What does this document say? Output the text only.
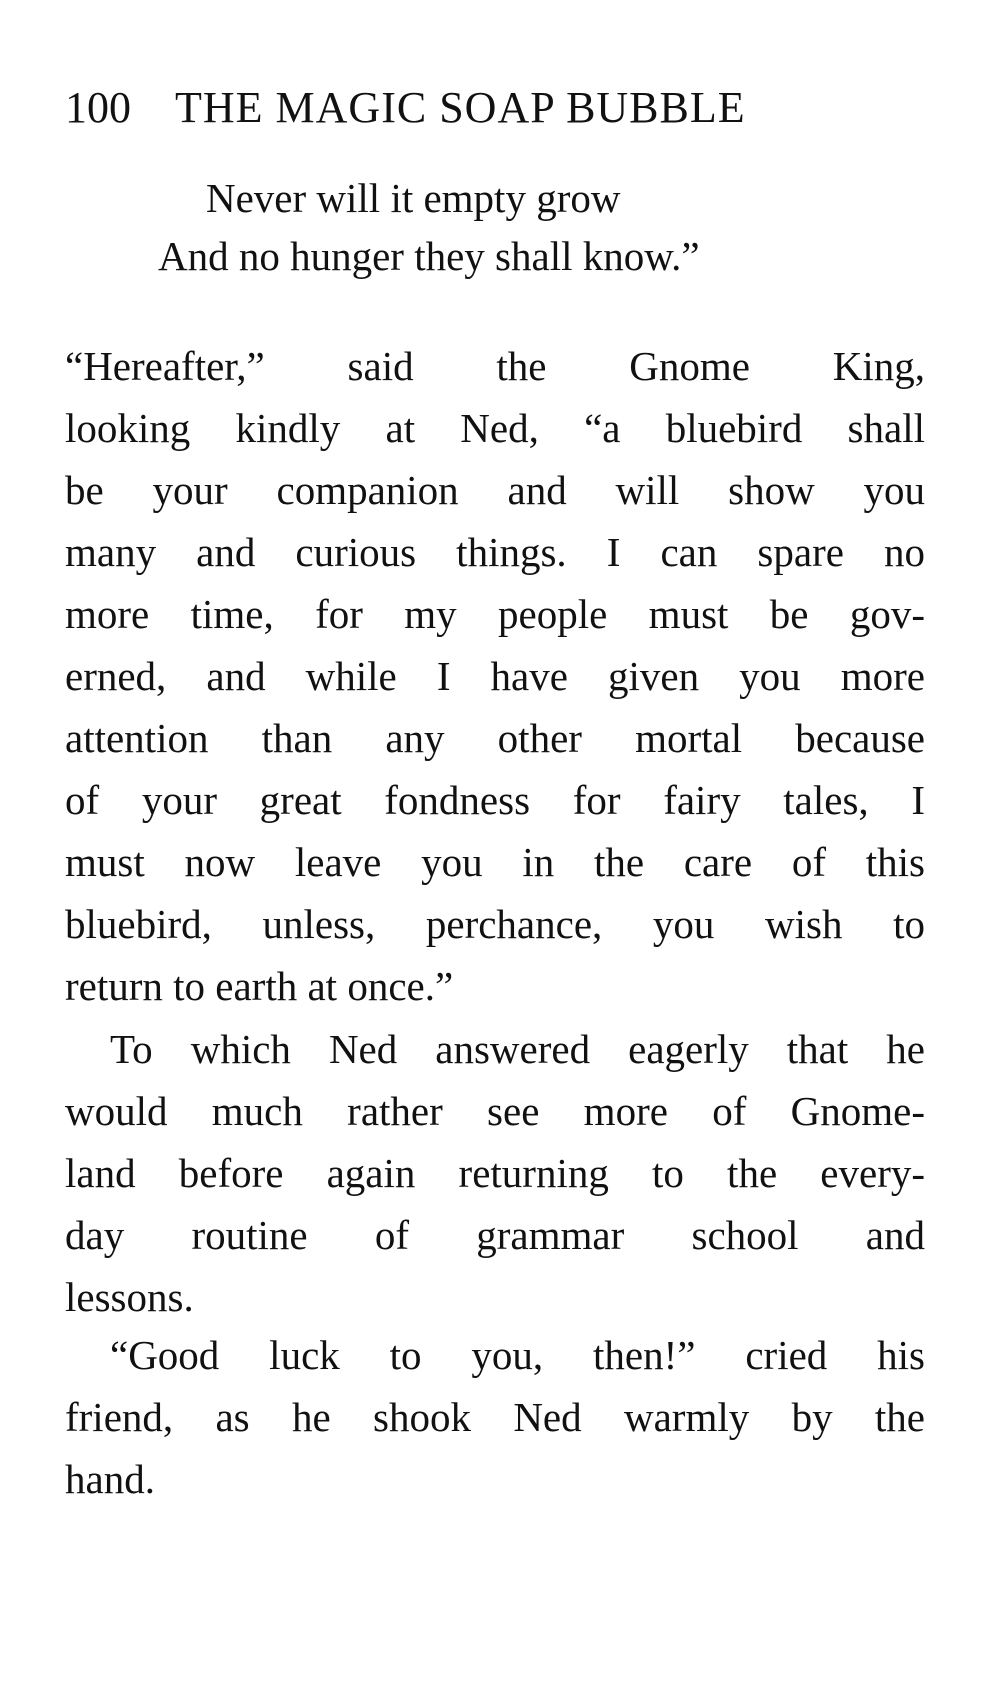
100 THE MAGIC SOAP BUBBLE
Never will it empty grow
And no hunger they shall know.”
“Hereafter,” said the Gnome King,
looking kindly at Ned, “a bluebird shall
be your companion and will show you
many and curious things. I can spare no
more time, for my people must be gov-
erned, and while I have given you more
attention than any other mortal because
of your great fondness for fairy tales, I
must now leave you in the care of this
bluebird, unless, perchance, you wish to
return to earth at once.”
To which Ned answered eagerly that he
would much rather see more of Gnome-
land before again returning to the every-
day routine of grammar school and
lessons.
“Good luck to you, then!” cried his
friend, as he shook Ned warmly by the
hand.
